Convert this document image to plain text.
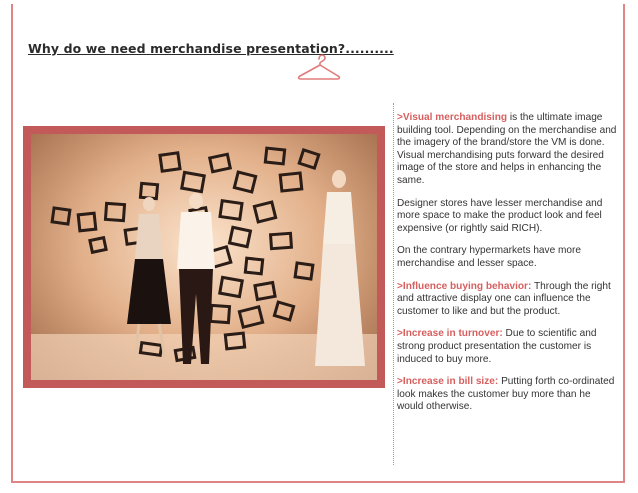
Why do we need merchandise presentation?..........

>Visual merchandising is the ultimate image building tool. Depending on the merchandise and the imagery of the brand/store the VM is done. Visual merchandising puts forward the desired image of the store and helps in enhancing the same.

Designer stores have lesser merchandise and more space to make the product look and feel expensive (or rightly said RICH).

On the contrary hypermarkets have more merchandise and lesser space.

>Influence buying behavior: Through the right and attractive display one can influence the customer to like and but the product.

>Increase in turnover: Due to scientific and strong product presentation the customer is induced to buy more.

>Increase in bill size: Putting forth co-ordinated look makes the customer buy more than he would otherwise.
